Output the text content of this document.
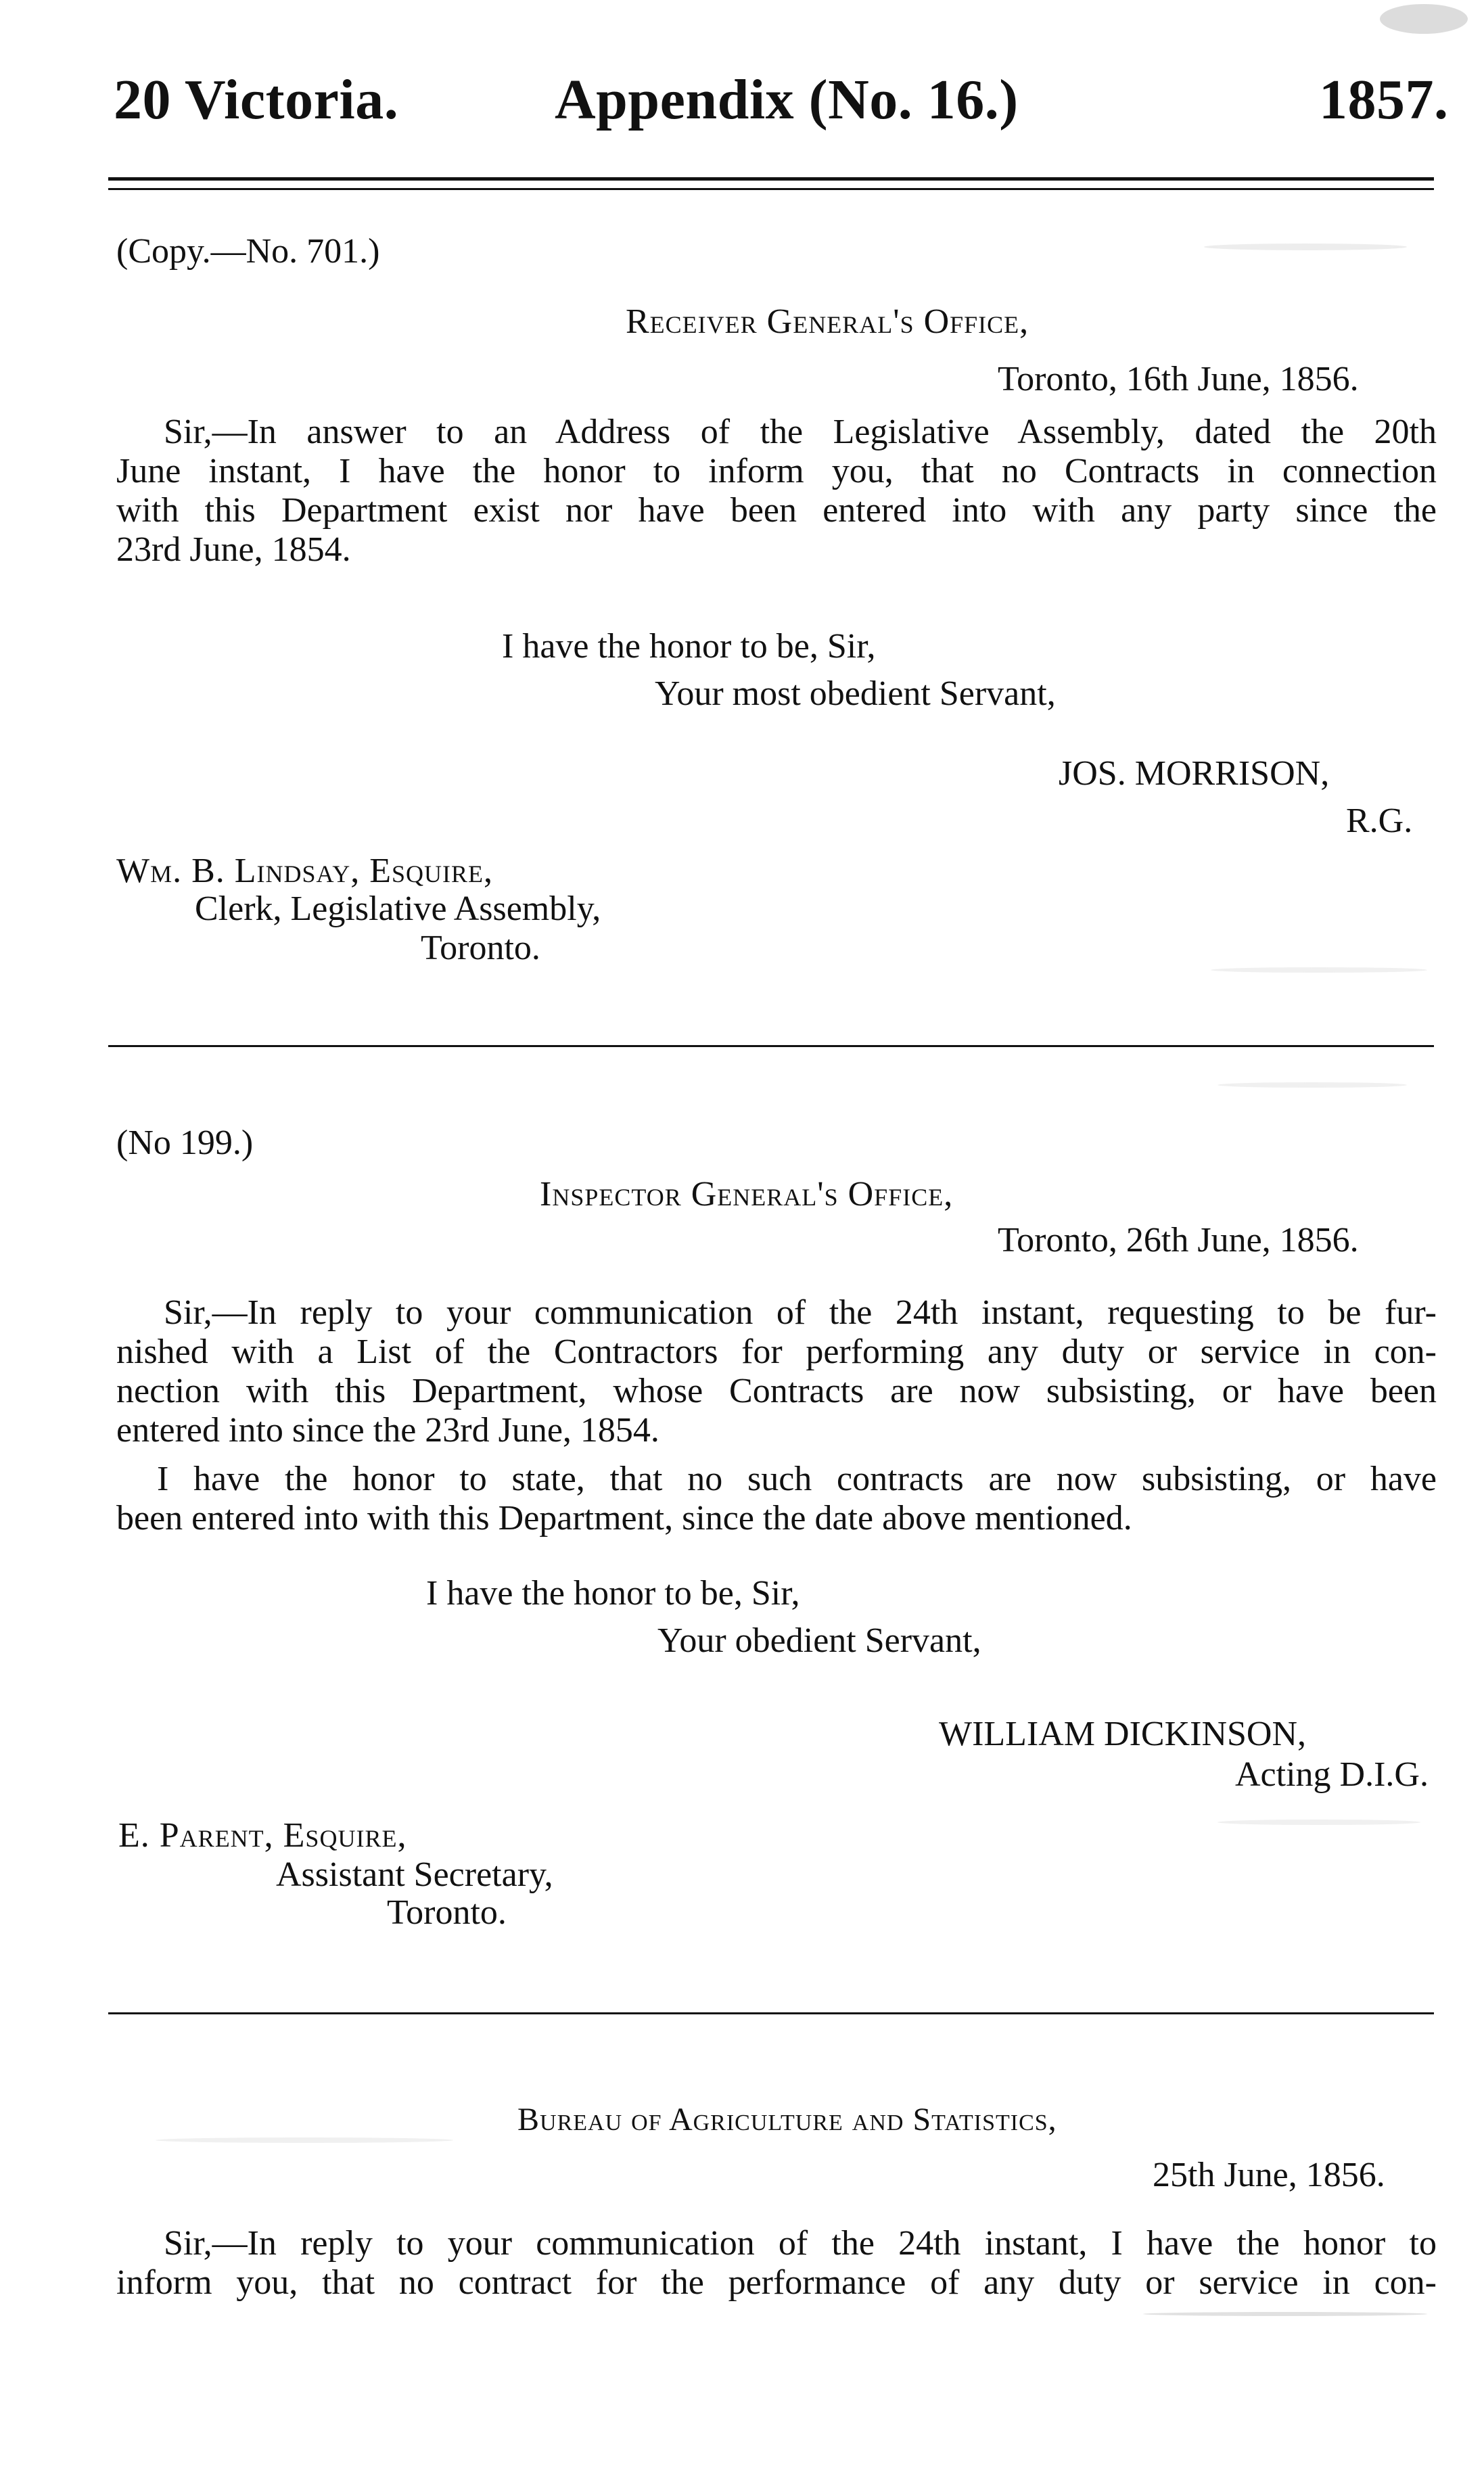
20 Victoria.	Appendix (No. 16.)	1857.
(Copy.—No. 701.)
Receiver General's Office,
Toronto, 16th June, 1856.
Sir,—In answer to an Address of the Legislative Assembly, dated the 20th
June instant, I have the honor to inform you, that no Contracts in connection
with this Department exist nor have been entered into with any party since the
23rd June, 1854.
I have the honor to be, Sir,
Your most obedient Servant,
JOS. MORRISON,
R.G.
Wm. B. Lindsay, Esquire,
Clerk, Legislative Assembly,
Toronto.
(No 199.)
Inspector General's Office,
Toronto, 26th June, 1856.
Sir,—In reply to your communication of the 24th instant, requesting to be fur-
nished with a List of the Contractors for performing any duty or service in con-
nection with this Department, whose Contracts are now subsisting, or have been
entered into since the 23rd June, 1854.
I have the honor to state, that no such contracts are now subsisting, or have
been entered into with this Department, since the date above mentioned.
I have the honor to be, Sir,
Your obedient Servant,
WILLIAM DICKINSON,
Acting D.I.G.
E. Parent, Esquire,
Assistant Secretary,
Toronto.
Bureau of Agriculture and Statistics,
25th June, 1856.
Sir,—In reply to your communication of the 24th instant, I have the honor to
inform you, that no contract for the performance of any duty or service in con-
